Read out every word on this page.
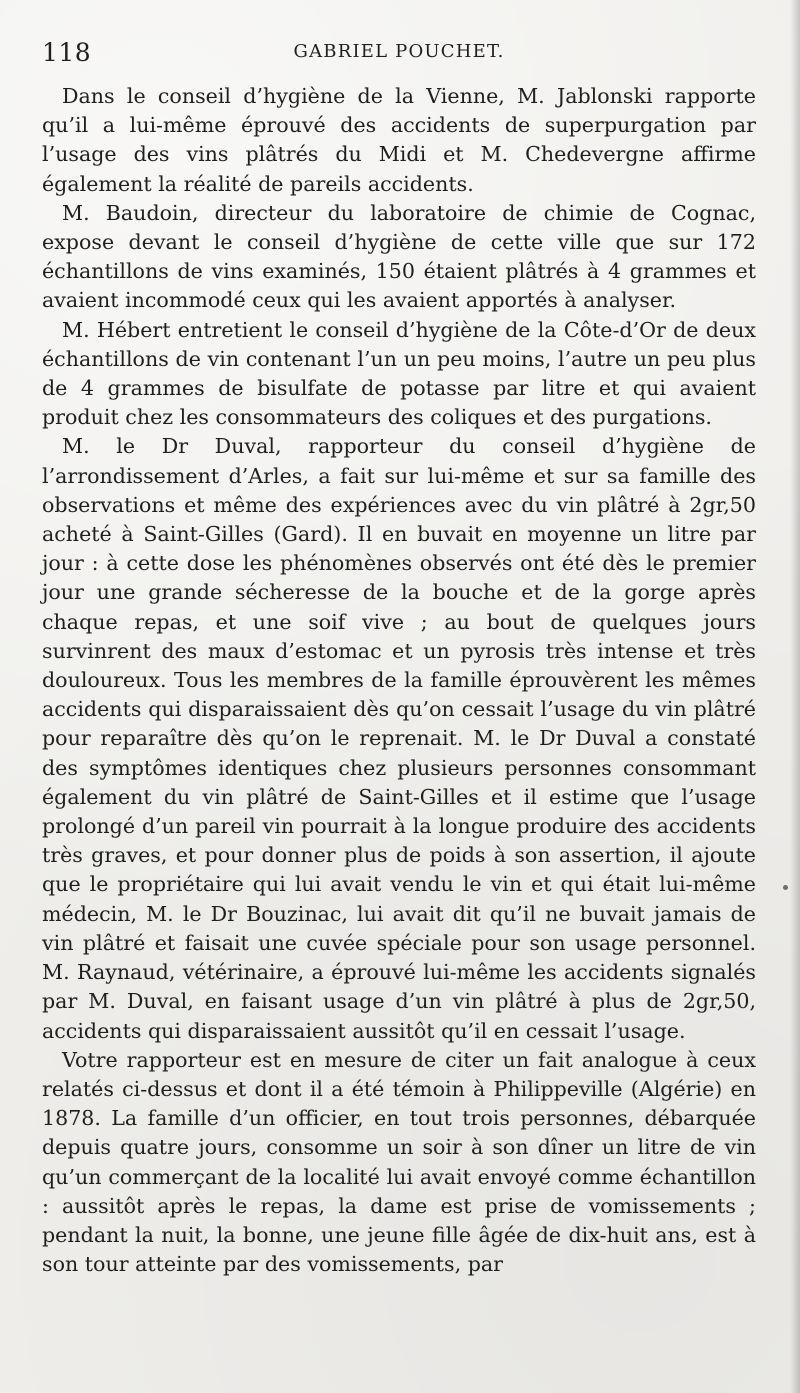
118	GABRIEL POUCHET.

Dans le conseil d’hygiène de la Vienne, M. Jablonski rapporte qu’il a lui-même éprouvé des accidents de superpurgation par l’usage des vins plâtrés du Midi et M. Chedevergne affirme également la réalité de pareils accidents.

M. Baudoin, directeur du laboratoire de chimie de Cognac, expose devant le conseil d’hygiène de cette ville que sur 172 échantillons de vins examinés, 150 étaient plâtrés à 4 grammes et avaient incommodé ceux qui les avaient apportés à analyser.

M. Hébert entretient le conseil d’hygiène de la Côte-d’Or de deux échantillons de vin contenant l’un un peu moins, l’autre un peu plus de 4 grammes de bisulfate de potasse par litre et qui avaient produit chez les consommateurs des coliques et des purgations.

M. le Dr Duval, rapporteur du conseil d’hygiène de l’arrondissement d’Arles, a fait sur lui-même et sur sa famille des observations et même des expériences avec du vin plâtré à 2gr,50 acheté à Saint-Gilles (Gard). Il en buvait en moyenne un litre par jour : à cette dose les phénomènes observés ont été dès le premier jour une grande sécheresse de la bouche et de la gorge après chaque repas, et une soif vive ; au bout de quelques jours survinrent des maux d’estomac et un pyrosis très intense et très douloureux. Tous les membres de la famille éprouvèrent les mêmes accidents qui disparaissaient dès qu’on cessait l’usage du vin plâtré pour reparaître dès qu’on le reprenait. M. le Dr Duval a constaté des symptômes identiques chez plusieurs personnes consommant également du vin plâtré de Saint-Gilles et il estime que l’usage prolongé d’un pareil vin pourrait à la longue produire des accidents très graves, et pour donner plus de poids à son assertion, il ajoute que le propriétaire qui lui avait vendu le vin et qui était lui-même médecin, M. le Dr Bouzinac, lui avait dit qu’il ne buvait jamais de vin plâtré et faisait une cuvée spéciale pour son usage personnel. M. Raynaud, vétérinaire, a éprouvé lui-même les accidents signalés par M. Duval, en faisant usage d’un vin plâtré à plus de 2gr,50, accidents qui disparaissaient aussitôt qu’il en cessait l’usage.

Votre rapporteur est en mesure de citer un fait analogue à ceux relatés ci-dessus et dont il a été témoin à Philippeville (Algérie) en 1878. La famille d’un officier, en tout trois personnes, débarquée depuis quatre jours, consomme un soir à son dîner un litre de vin qu’un commerçant de la localité lui avait envoyé comme échantillon : aussitôt après le repas, la dame est prise de vomissements ; pendant la nuit, la bonne, une jeune fille âgée de dix-huit ans, est à son tour atteinte par des vomissements, par
